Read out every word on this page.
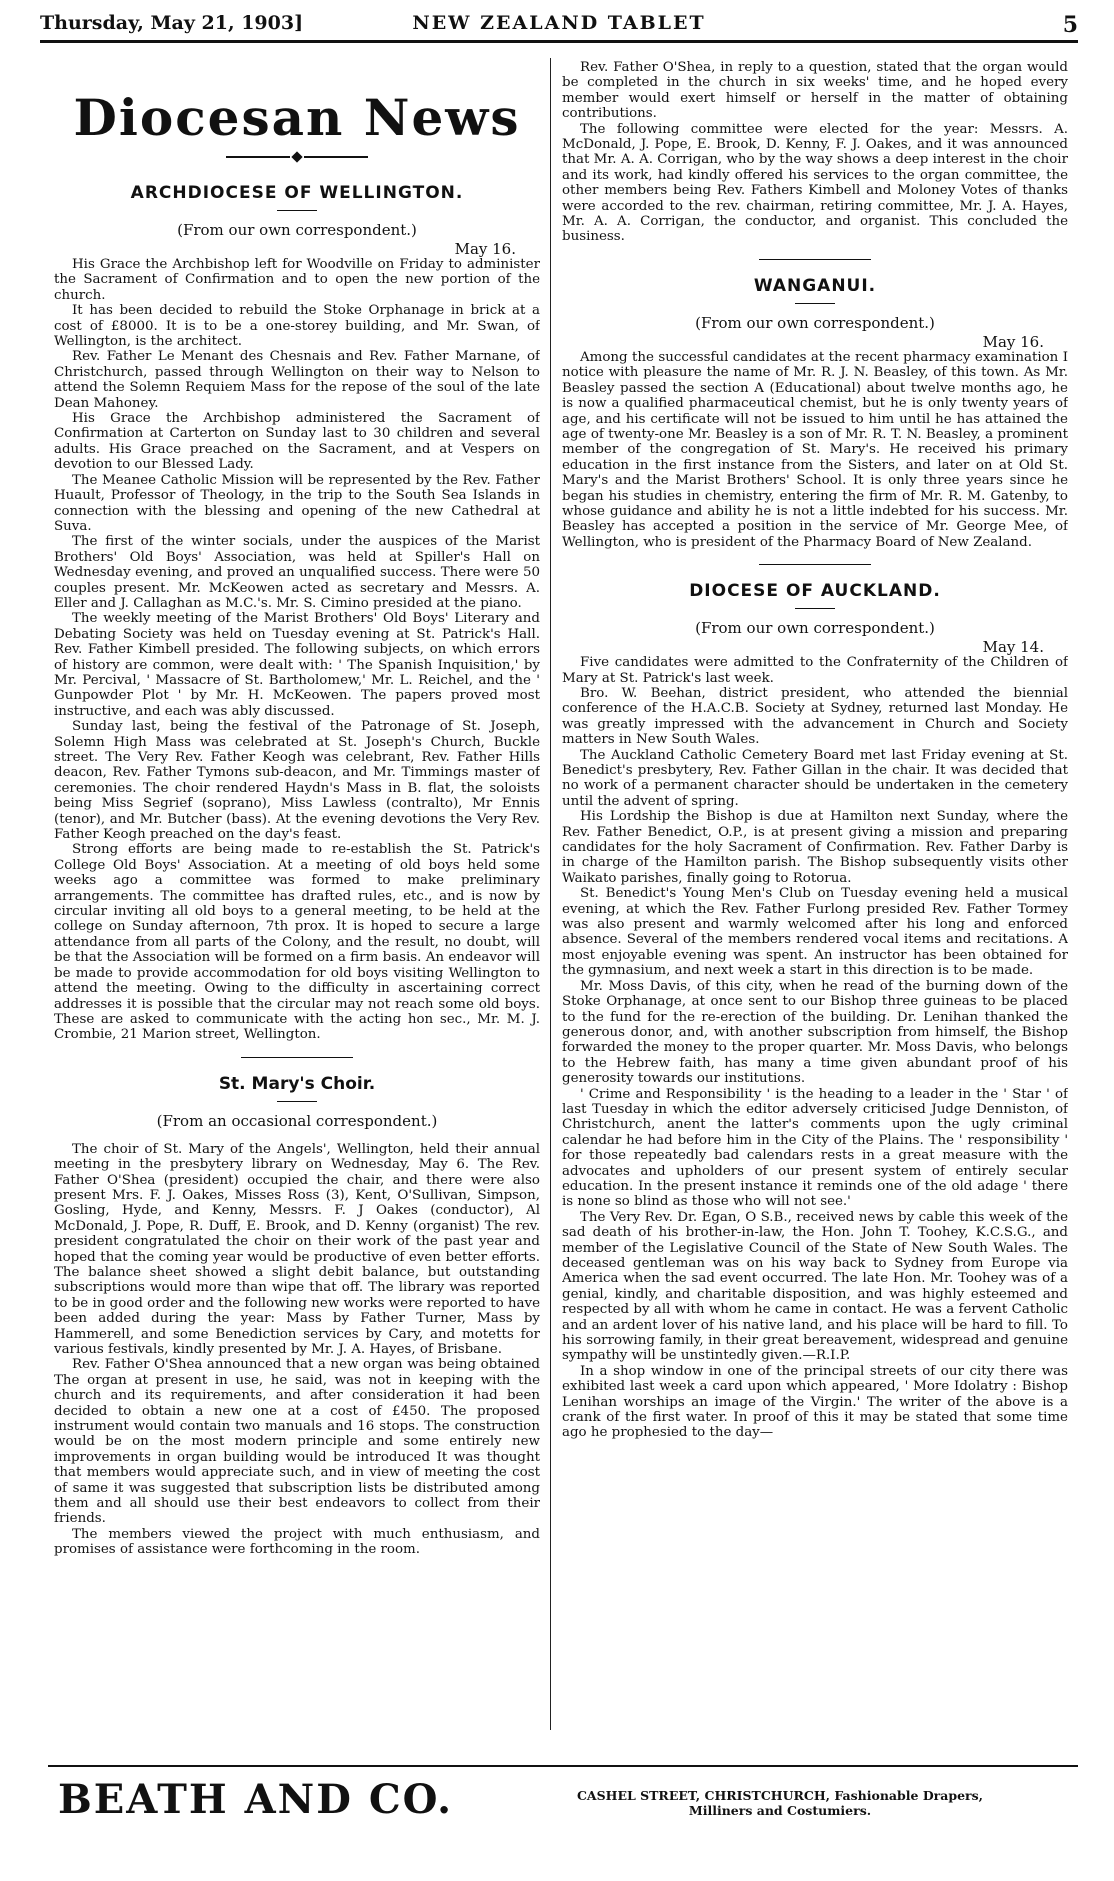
Thursday, May 21, 1903]	NEW ZEALAND TABLET	5
Diocesan News
ARCHDIOCESE OF WELLINGTON.
(From our own correspondent.)
May 16.

His Grace the Archbishop left for Woodville on Friday to administer the Sacrament of Confirmation and to open the new portion of the church.

It has been decided to rebuild the Stoke Orphanage in brick at a cost of £8000. It is to be a one-storey building, and Mr. Swan, of Wellington, is the architect.

Rev. Father Le Menant des Chesnais and Rev. Father Marnane, of Christchurch, passed through Wellington on their way to Nelson to attend the Solemn Requiem Mass for the repose of the soul of the late Dean Mahoney.

His Grace the Archbishop administered the Sacrament of Confirmation at Carterton on Sunday last to 30 children and several adults. His Grace preached on the Sacrament, and at Vespers on devotion to our Blessed Lady.

The Meanee Catholic Mission will be represented by the Rev. Father Huault, Professor of Theology, in the trip to the South Sea Islands in connection with the blessing and opening of the new Cathedral at Suva.

The first of the winter socials, under the auspices of the Marist Brothers' Old Boys' Association, was held at Spiller's Hall on Wednesday evening, and proved an unqualified success. There were 50 couples present. Mr. McKeowen acted as secretary and Messrs. A. Eller and J. Callaghan as M.C.'s. Mr. S. Cimino presided at the piano.

The weekly meeting of the Marist Brothers' Old Boys' Literary and Debating Society was held on Tuesday evening at St. Patrick's Hall. Rev. Father Kimbell presided. The following subjects, on which errors of history are common, were dealt with: ' The Spanish Inquisition,' by Mr. Percival, ' Massacre of St. Bartholomew,' Mr. L. Reichel, and the ' Gunpowder Plot ' by Mr. H. McKeowen. The papers proved most instructive, and each was ably discussed.

Sunday last, being the festival of the Patronage of St. Joseph, Solemn High Mass was celebrated at St. Joseph's Church, Buckle street. The Very Rev. Father Keogh was celebrant, Rev. Father Hills deacon, Rev. Father Tymons sub-deacon, and Mr. Timmings master of ceremonies. The choir rendered Haydn's Mass in B. flat, the soloists being Miss Segrief (soprano), Miss Lawless (contralto), Mr Ennis (tenor), and Mr. Butcher (bass). At the evening devotions the Very Rev. Father Keogh preached on the day's feast.

Strong efforts are being made to re-establish the St. Patrick's College Old Boys' Association. At a meeting of old boys held some weeks ago a committee was formed to make preliminary arrangements. The committee has drafted rules, etc., and is now by circular inviting all old boys to a general meeting, to be held at the college on Sunday afternoon, 7th prox. It is hoped to secure a large attendance from all parts of the Colony, and the result, no doubt, will be that the Association will be formed on a firm basis. An endeavor will be made to provide accommodation for old boys visiting Wellington to attend the meeting. Owing to the difficulty in ascertaining correct addresses it is possible that the circular may not reach some old boys. These are asked to communicate with the acting hon sec., Mr. M. J. Crombie, 21 Marion street, Wellington.

St. Mary's Choir.
(From an occasional correspondent.)

The choir of St. Mary of the Angels', Wellington, held their annual meeting in the presbytery library on Wednesday, May 6. The Rev. Father O'Shea (president) occupied the chair, and there were also present Mrs. F. J. Oakes, Misses Ross (3), Kent, O'Sullivan, Simpson, Gosling, Hyde, and Kenny, Messrs. F. J Oakes (conductor), Al McDonald, J. Pope, R. Duff, E. Brook, and D. Kenny (organist) The rev. president congratulated the choir on their work of the past year and hoped that the coming year would be productive of even better efforts. The balance sheet showed a slight debit balance, but outstanding subscriptions would more than wipe that off. The library was reported to be in good order and the following new works were reported to have been added during the year: Mass by Father Turner, Mass by Hammerell, and some Benediction services by Cary, and motetts for various festivals, kindly presented by Mr. J. A. Hayes, of Brisbane.

Rev. Father O'Shea announced that a new organ was being obtained The organ at present in use, he said, was not in keeping with the church and its requirements, and after consideration it had been decided to obtain a new one at a cost of £450. The proposed instrument would contain two manuals and 16 stops. The construction would be on the most modern principle and some entirely new improvements in organ building would be introduced It was thought that members would appreciate such, and in view of meeting the cost of same it was suggested that subscription lists be distributed among them and all should use their best endeavors to collect from their friends.

The members viewed the project with much enthusiasm, and promises of assistance were forthcoming in the room.

Rev. Father O'Shea, in reply to a question, stated that the organ would be completed in the church in six weeks' time, and he hoped every member would exert himself or herself in the matter of obtaining contributions.

The following committee were elected for the year: Messrs. A. McDonald, J. Pope, E. Brook, D. Kenny, F. J. Oakes, and it was announced that Mr. A. A. Corrigan, who by the way shows a deep interest in the choir and its work, had kindly offered his services to the organ committee, the other members being Rev. Fathers Kimbell and Moloney Votes of thanks were accorded to the rev. chairman, retiring committee, Mr. J. A. Hayes, Mr. A. A. Corrigan, the conductor, and organist. This concluded the business.

WANGANUI.
(From our own correspondent.)
May 16.

Among the successful candidates at the recent pharmacy examination I notice with pleasure the name of Mr. R. J. N. Beasley, of this town. As Mr. Beasley passed the section A (Educational) about twelve months ago, he is now a qualified pharmaceutical chemist, but he is only twenty years of age, and his certificate will not be issued to him until he has attained the age of twenty-one Mr. Beasley is a son of Mr. R. T. N. Beasley, a prominent member of the congregation of St. Mary's. He received his primary education in the first instance from the Sisters, and later on at Old St. Mary's and the Marist Brothers' School. It is only three years since he began his studies in chemistry, entering the firm of Mr. R. M. Gatenby, to whose guidance and ability he is not a little indebted for his success. Mr. Beasley has accepted a position in the service of Mr. George Mee, of Wellington, who is president of the Pharmacy Board of New Zealand.

DIOCESE OF AUCKLAND.
(From our own correspondent.)
May 14.

Five candidates were admitted to the Confraternity of the Children of Mary at St. Patrick's last week.

Bro. W. Beehan, district president, who attended the biennial conference of the H.A.C.B. Society at Sydney, returned last Monday. He was greatly impressed with the advancement in Church and Society matters in New South Wales.

The Auckland Catholic Cemetery Board met last Friday evening at St. Benedict's presbytery, Rev. Father Gillan in the chair. It was decided that no work of a permanent character should be undertaken in the cemetery until the advent of spring.

His Lordship the Bishop is due at Hamilton next Sunday, where the Rev. Father Benedict, O.P., is at present giving a mission and preparing candidates for the holy Sacrament of Confirmation. Rev. Father Darby is in charge of the Hamilton parish. The Bishop subsequently visits other Waikato parishes, finally going to Rotorua.

St. Benedict's Young Men's Club on Tuesday evening held a musical evening, at which the Rev. Father Furlong presided Rev. Father Tormey was also present and warmly welcomed after his long and enforced absence. Several of the members rendered vocal items and recitations. A most enjoyable evening was spent. An instructor has been obtained for the gymnasium, and next week a start in this direction is to be made.

Mr. Moss Davis, of this city, when he read of the burning down of the Stoke Orphanage, at once sent to our Bishop three guineas to be placed to the fund for the re-erection of the building. Dr. Lenihan thanked the generous donor, and, with another subscription from himself, the Bishop forwarded the money to the proper quarter. Mr. Moss Davis, who belongs to the Hebrew faith, has many a time given abundant proof of his generosity towards our institutions.

' Crime and Responsibility ' is the heading to a leader in the ' Star ' of last Tuesday in which the editor adversely criticised Judge Denniston, of Christchurch, anent the latter's comments upon the ugly criminal calendar he had before him in the City of the Plains. The ' responsibility ' for those repeatedly bad calendars rests in a great measure with the advocates and upholders of our present system of entirely secular education. In the present instance it reminds one of the old adage ' there is none so blind as those who will not see.'

The Very Rev. Dr. Egan, O S.B., received news by cable this week of the sad death of his brother-in-law, the Hon. John T. Toohey, K.C.S.G., and member of the Legislative Council of the State of New South Wales. The deceased gentleman was on his way back to Sydney from Europe via America when the sad event occurred. The late Hon. Mr. Toohey was of a genial, kindly, and charitable disposition, and was highly esteemed and respected by all with whom he came in contact. He was a fervent Catholic and an ardent lover of his native land, and his place will be hard to fill. To his sorrowing family, in their great bereavement, widespread and genuine sympathy will be unstintedly given.—R.I.P.

In a shop window in one of the principal streets of our city there was exhibited last week a card upon which appeared, ' More Idolatry : Bishop Lenihan worships an image of the Virgin.' The writer of the above is a crank of the first water. In proof of this it may be stated that some time ago he prophesied to the day—

BEATH AND CO.	CASHEL STREET, CHRISTCHURCH, Fashionable Drapers,
Milliners and Costumiers.
